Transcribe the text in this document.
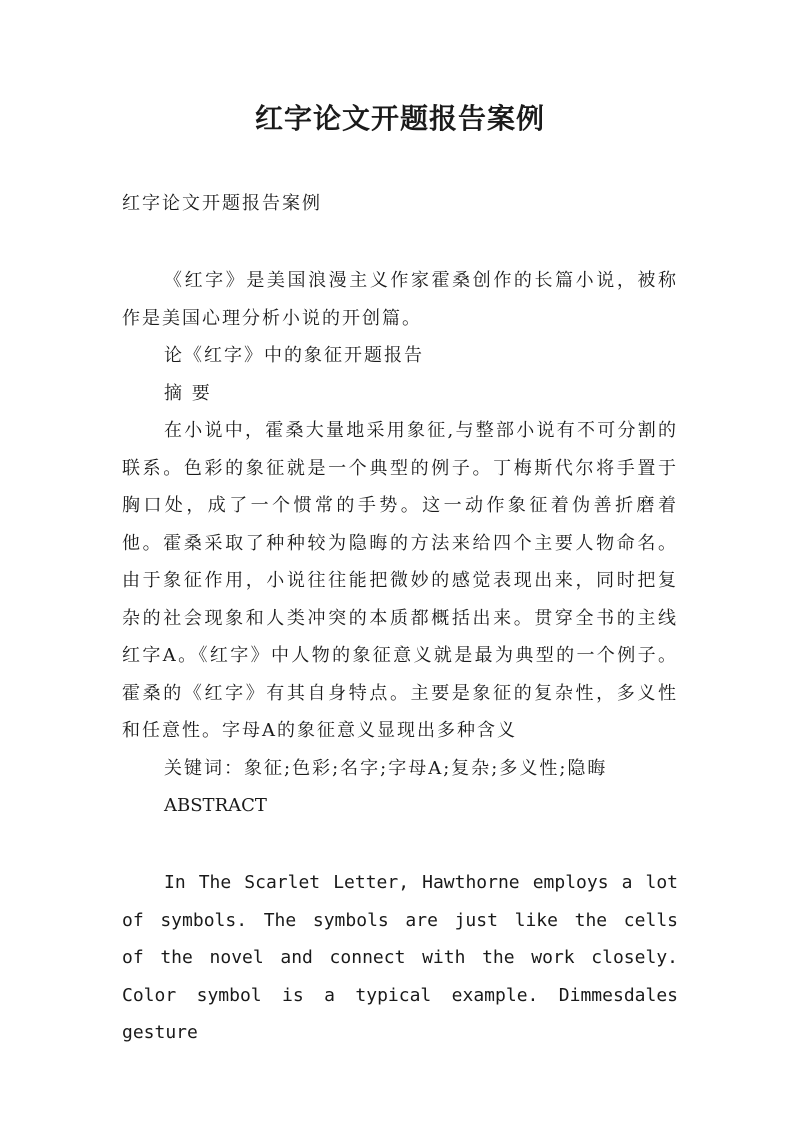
红字论文开题报告案例
红字论文开题报告案例

《红字》是美国浪漫主义作家霍桑创作的长篇小说，被称作是美国心理分析小说的开创篇。

论《红字》中的象征开题报告

摘 要

在小说中，霍桑大量地采用象征,与整部小说有不可分割的联系。色彩的象征就是一个典型的例子。丁梅斯代尔将手置于胸口处，成了一个惯常的手势。这一动作象征着伪善折磨着他。霍桑采取了种种较为隐晦的方法来给四个主要人物命名。由于象征作用，小说往往能把微妙的感觉表现出来，同时把复杂的社会现象和人类冲突的本质都概括出来。贯穿全书的主线红字A。《红字》中人物的象征意义就是最为典型的一个例子。霍桑的《红字》有其自身特点。主要是象征的复杂性，多义性和任意性。字母A的象征意义显现出多种含义

关键词：象征;色彩;名字;字母A;复杂;多义性;隐晦

ABSTRACT

In The Scarlet Letter, Hawthorne employs a lot of symbols. The symbols are just like the cells of the novel and connect with the work closely. Color symbol is a typical example. Dimmesdales gesture
